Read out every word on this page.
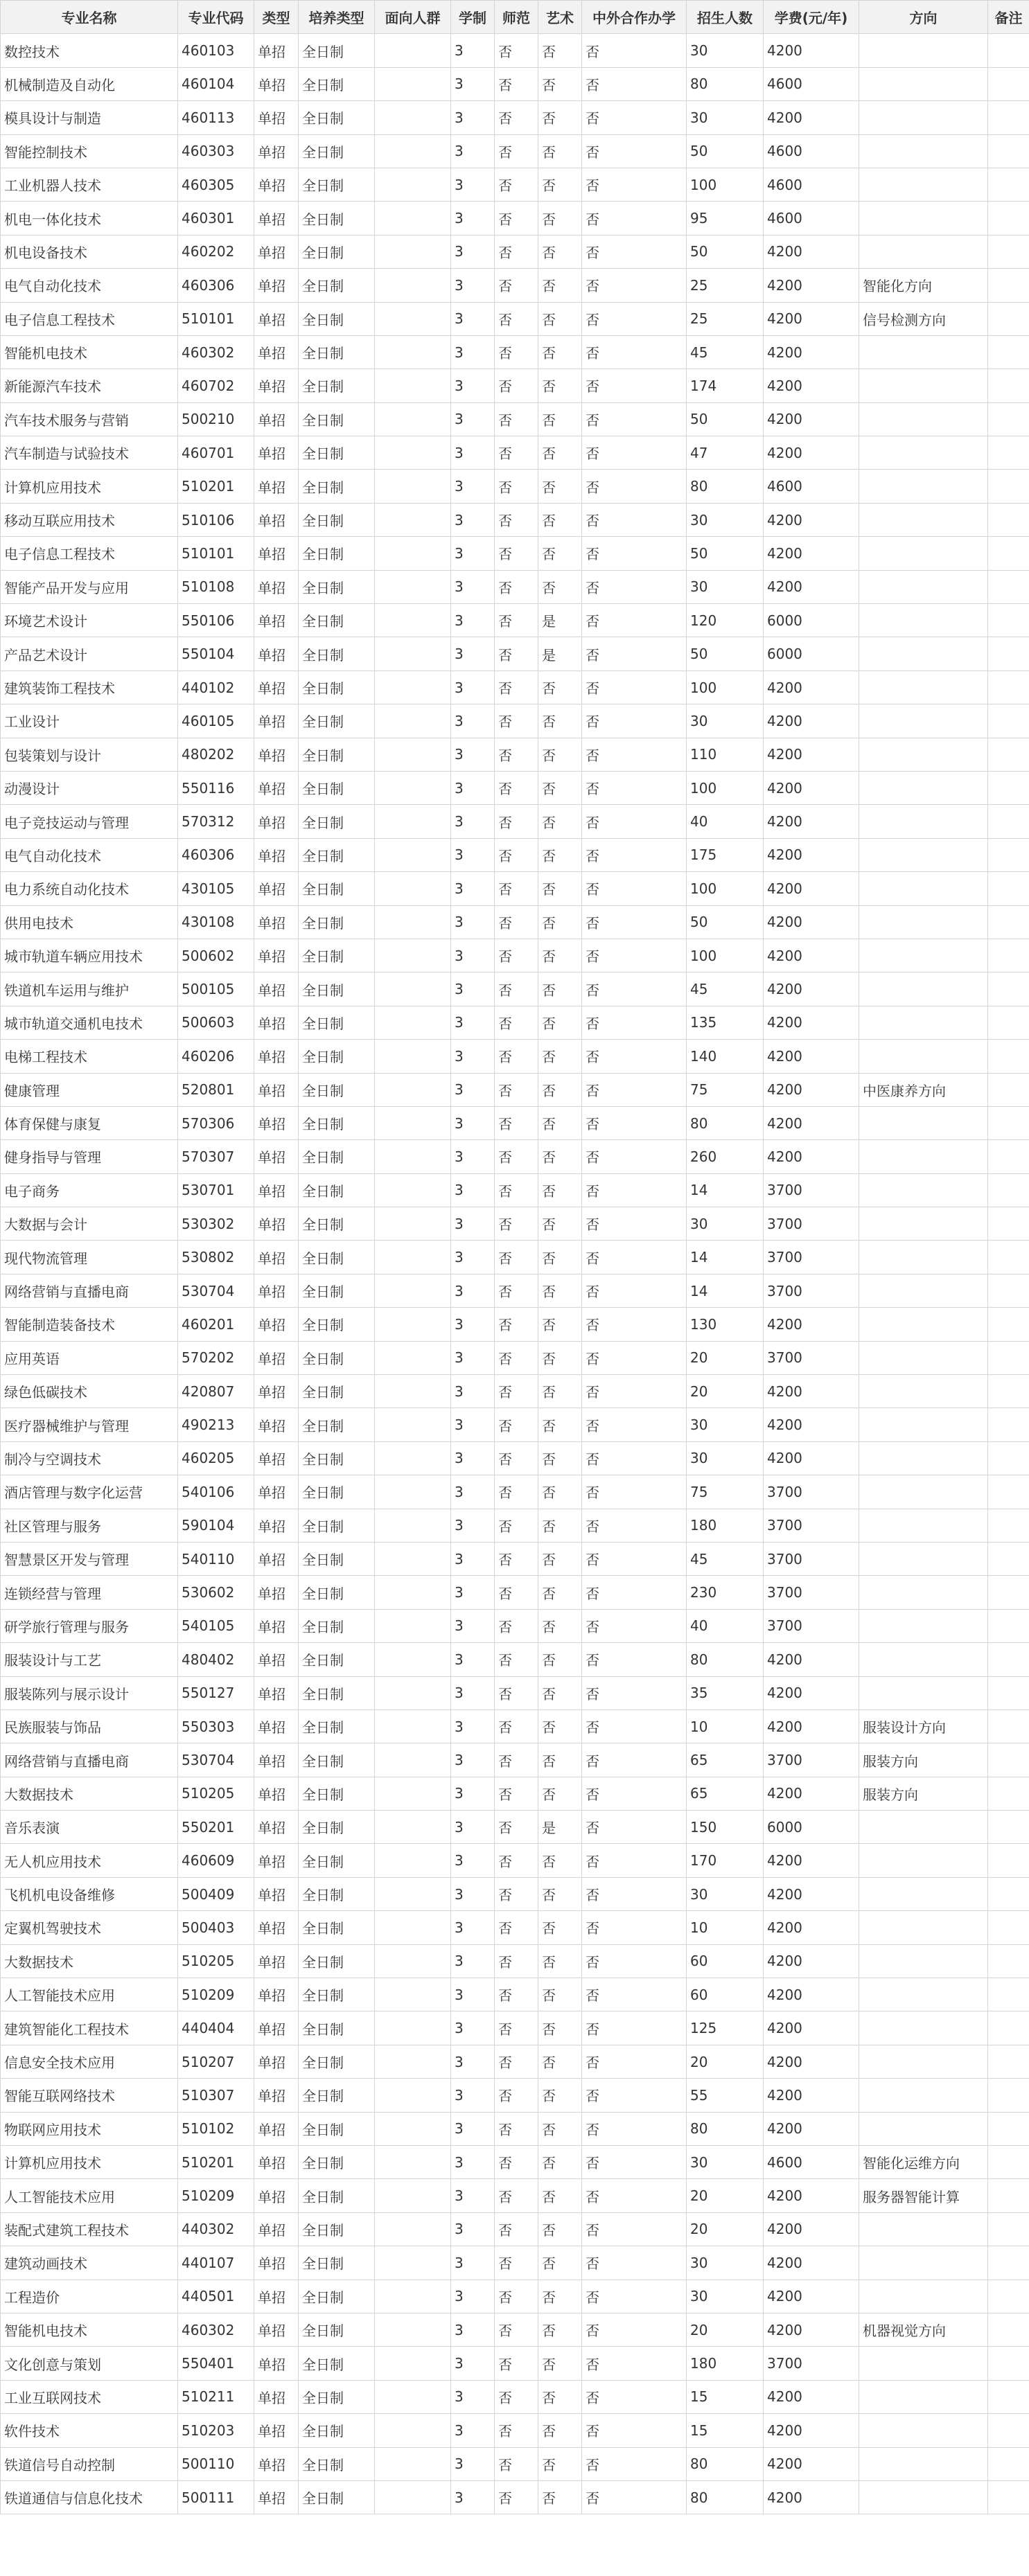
专业名称	专业代码	类型	培养类型	面向人群	学制	师范	艺术	中外合作办学	招生人数	学费(元/年)	方向	备注
数控技术	460103	单招	全日制		3	否	否	否	30	4200		
机械制造及自动化	460104	单招	全日制		3	否	否	否	80	4600		
模具设计与制造	460113	单招	全日制		3	否	否	否	30	4200		
智能控制技术	460303	单招	全日制		3	否	否	否	50	4600		
工业机器人技术	460305	单招	全日制		3	否	否	否	100	4600		
机电一体化技术	460301	单招	全日制		3	否	否	否	95	4600		
机电设备技术	460202	单招	全日制		3	否	否	否	50	4200		
电气自动化技术	460306	单招	全日制		3	否	否	否	25	4200	智能化方向	
电子信息工程技术	510101	单招	全日制		3	否	否	否	25	4200	信号检测方向	
智能机电技术	460302	单招	全日制		3	否	否	否	45	4200		
新能源汽车技术	460702	单招	全日制		3	否	否	否	174	4200		
汽车技术服务与营销	500210	单招	全日制		3	否	否	否	50	4200		
汽车制造与试验技术	460701	单招	全日制		3	否	否	否	47	4200		
计算机应用技术	510201	单招	全日制		3	否	否	否	80	4600		
移动互联应用技术	510106	单招	全日制		3	否	否	否	30	4200		
电子信息工程技术	510101	单招	全日制		3	否	否	否	50	4200		
智能产品开发与应用	510108	单招	全日制		3	否	否	否	30	4200		
环境艺术设计	550106	单招	全日制		3	否	是	否	120	6000		
产品艺术设计	550104	单招	全日制		3	否	是	否	50	6000		
建筑装饰工程技术	440102	单招	全日制		3	否	否	否	100	4200		
工业设计	460105	单招	全日制		3	否	否	否	30	4200		
包装策划与设计	480202	单招	全日制		3	否	否	否	110	4200		
动漫设计	550116	单招	全日制		3	否	否	否	100	4200		
电子竞技运动与管理	570312	单招	全日制		3	否	否	否	40	4200		
电气自动化技术	460306	单招	全日制		3	否	否	否	175	4200		
电力系统自动化技术	430105	单招	全日制		3	否	否	否	100	4200		
供用电技术	430108	单招	全日制		3	否	否	否	50	4200		
城市轨道车辆应用技术	500602	单招	全日制		3	否	否	否	100	4200		
铁道机车运用与维护	500105	单招	全日制		3	否	否	否	45	4200		
城市轨道交通机电技术	500603	单招	全日制		3	否	否	否	135	4200		
电梯工程技术	460206	单招	全日制		3	否	否	否	140	4200		
健康管理	520801	单招	全日制		3	否	否	否	75	4200	中医康养方向	
体育保健与康复	570306	单招	全日制		3	否	否	否	80	4200		
健身指导与管理	570307	单招	全日制		3	否	否	否	260	4200		
电子商务	530701	单招	全日制		3	否	否	否	14	3700		
大数据与会计	530302	单招	全日制		3	否	否	否	30	3700		
现代物流管理	530802	单招	全日制		3	否	否	否	14	3700		
网络营销与直播电商	530704	单招	全日制		3	否	否	否	14	3700		
智能制造装备技术	460201	单招	全日制		3	否	否	否	130	4200		
应用英语	570202	单招	全日制		3	否	否	否	20	3700		
绿色低碳技术	420807	单招	全日制		3	否	否	否	20	4200		
医疗器械维护与管理	490213	单招	全日制		3	否	否	否	30	4200		
制冷与空调技术	460205	单招	全日制		3	否	否	否	30	4200		
酒店管理与数字化运营	540106	单招	全日制		3	否	否	否	75	3700		
社区管理与服务	590104	单招	全日制		3	否	否	否	180	3700		
智慧景区开发与管理	540110	单招	全日制		3	否	否	否	45	3700		
连锁经营与管理	530602	单招	全日制		3	否	否	否	230	3700		
研学旅行管理与服务	540105	单招	全日制		3	否	否	否	40	3700		
服装设计与工艺	480402	单招	全日制		3	否	否	否	80	4200		
服装陈列与展示设计	550127	单招	全日制		3	否	否	否	35	4200		
民族服装与饰品	550303	单招	全日制		3	否	否	否	10	4200	服装设计方向	
网络营销与直播电商	530704	单招	全日制		3	否	否	否	65	3700	服装方向	
大数据技术	510205	单招	全日制		3	否	否	否	65	4200	服装方向	
音乐表演	550201	单招	全日制		3	否	是	否	150	6000		
无人机应用技术	460609	单招	全日制		3	否	否	否	170	4200		
飞机机电设备维修	500409	单招	全日制		3	否	否	否	30	4200		
定翼机驾驶技术	500403	单招	全日制		3	否	否	否	10	4200		
大数据技术	510205	单招	全日制		3	否	否	否	60	4200		
人工智能技术应用	510209	单招	全日制		3	否	否	否	60	4200		
建筑智能化工程技术	440404	单招	全日制		3	否	否	否	125	4200		
信息安全技术应用	510207	单招	全日制		3	否	否	否	20	4200		
智能互联网络技术	510307	单招	全日制		3	否	否	否	55	4200		
物联网应用技术	510102	单招	全日制		3	否	否	否	80	4200		
计算机应用技术	510201	单招	全日制		3	否	否	否	30	4600	智能化运维方向	
人工智能技术应用	510209	单招	全日制		3	否	否	否	20	4200	服务器智能计算	
装配式建筑工程技术	440302	单招	全日制		3	否	否	否	20	4200		
建筑动画技术	440107	单招	全日制		3	否	否	否	30	4200		
工程造价	440501	单招	全日制		3	否	否	否	30	4200		
智能机电技术	460302	单招	全日制		3	否	否	否	20	4200	机器视觉方向	
文化创意与策划	550401	单招	全日制		3	否	否	否	180	3700		
工业互联网技术	510211	单招	全日制		3	否	否	否	15	4200		
软件技术	510203	单招	全日制		3	否	否	否	15	4200		
铁道信号自动控制	500110	单招	全日制		3	否	否	否	80	4200		
铁道通信与信息化技术	500111	单招	全日制		3	否	否	否	80	4200		
